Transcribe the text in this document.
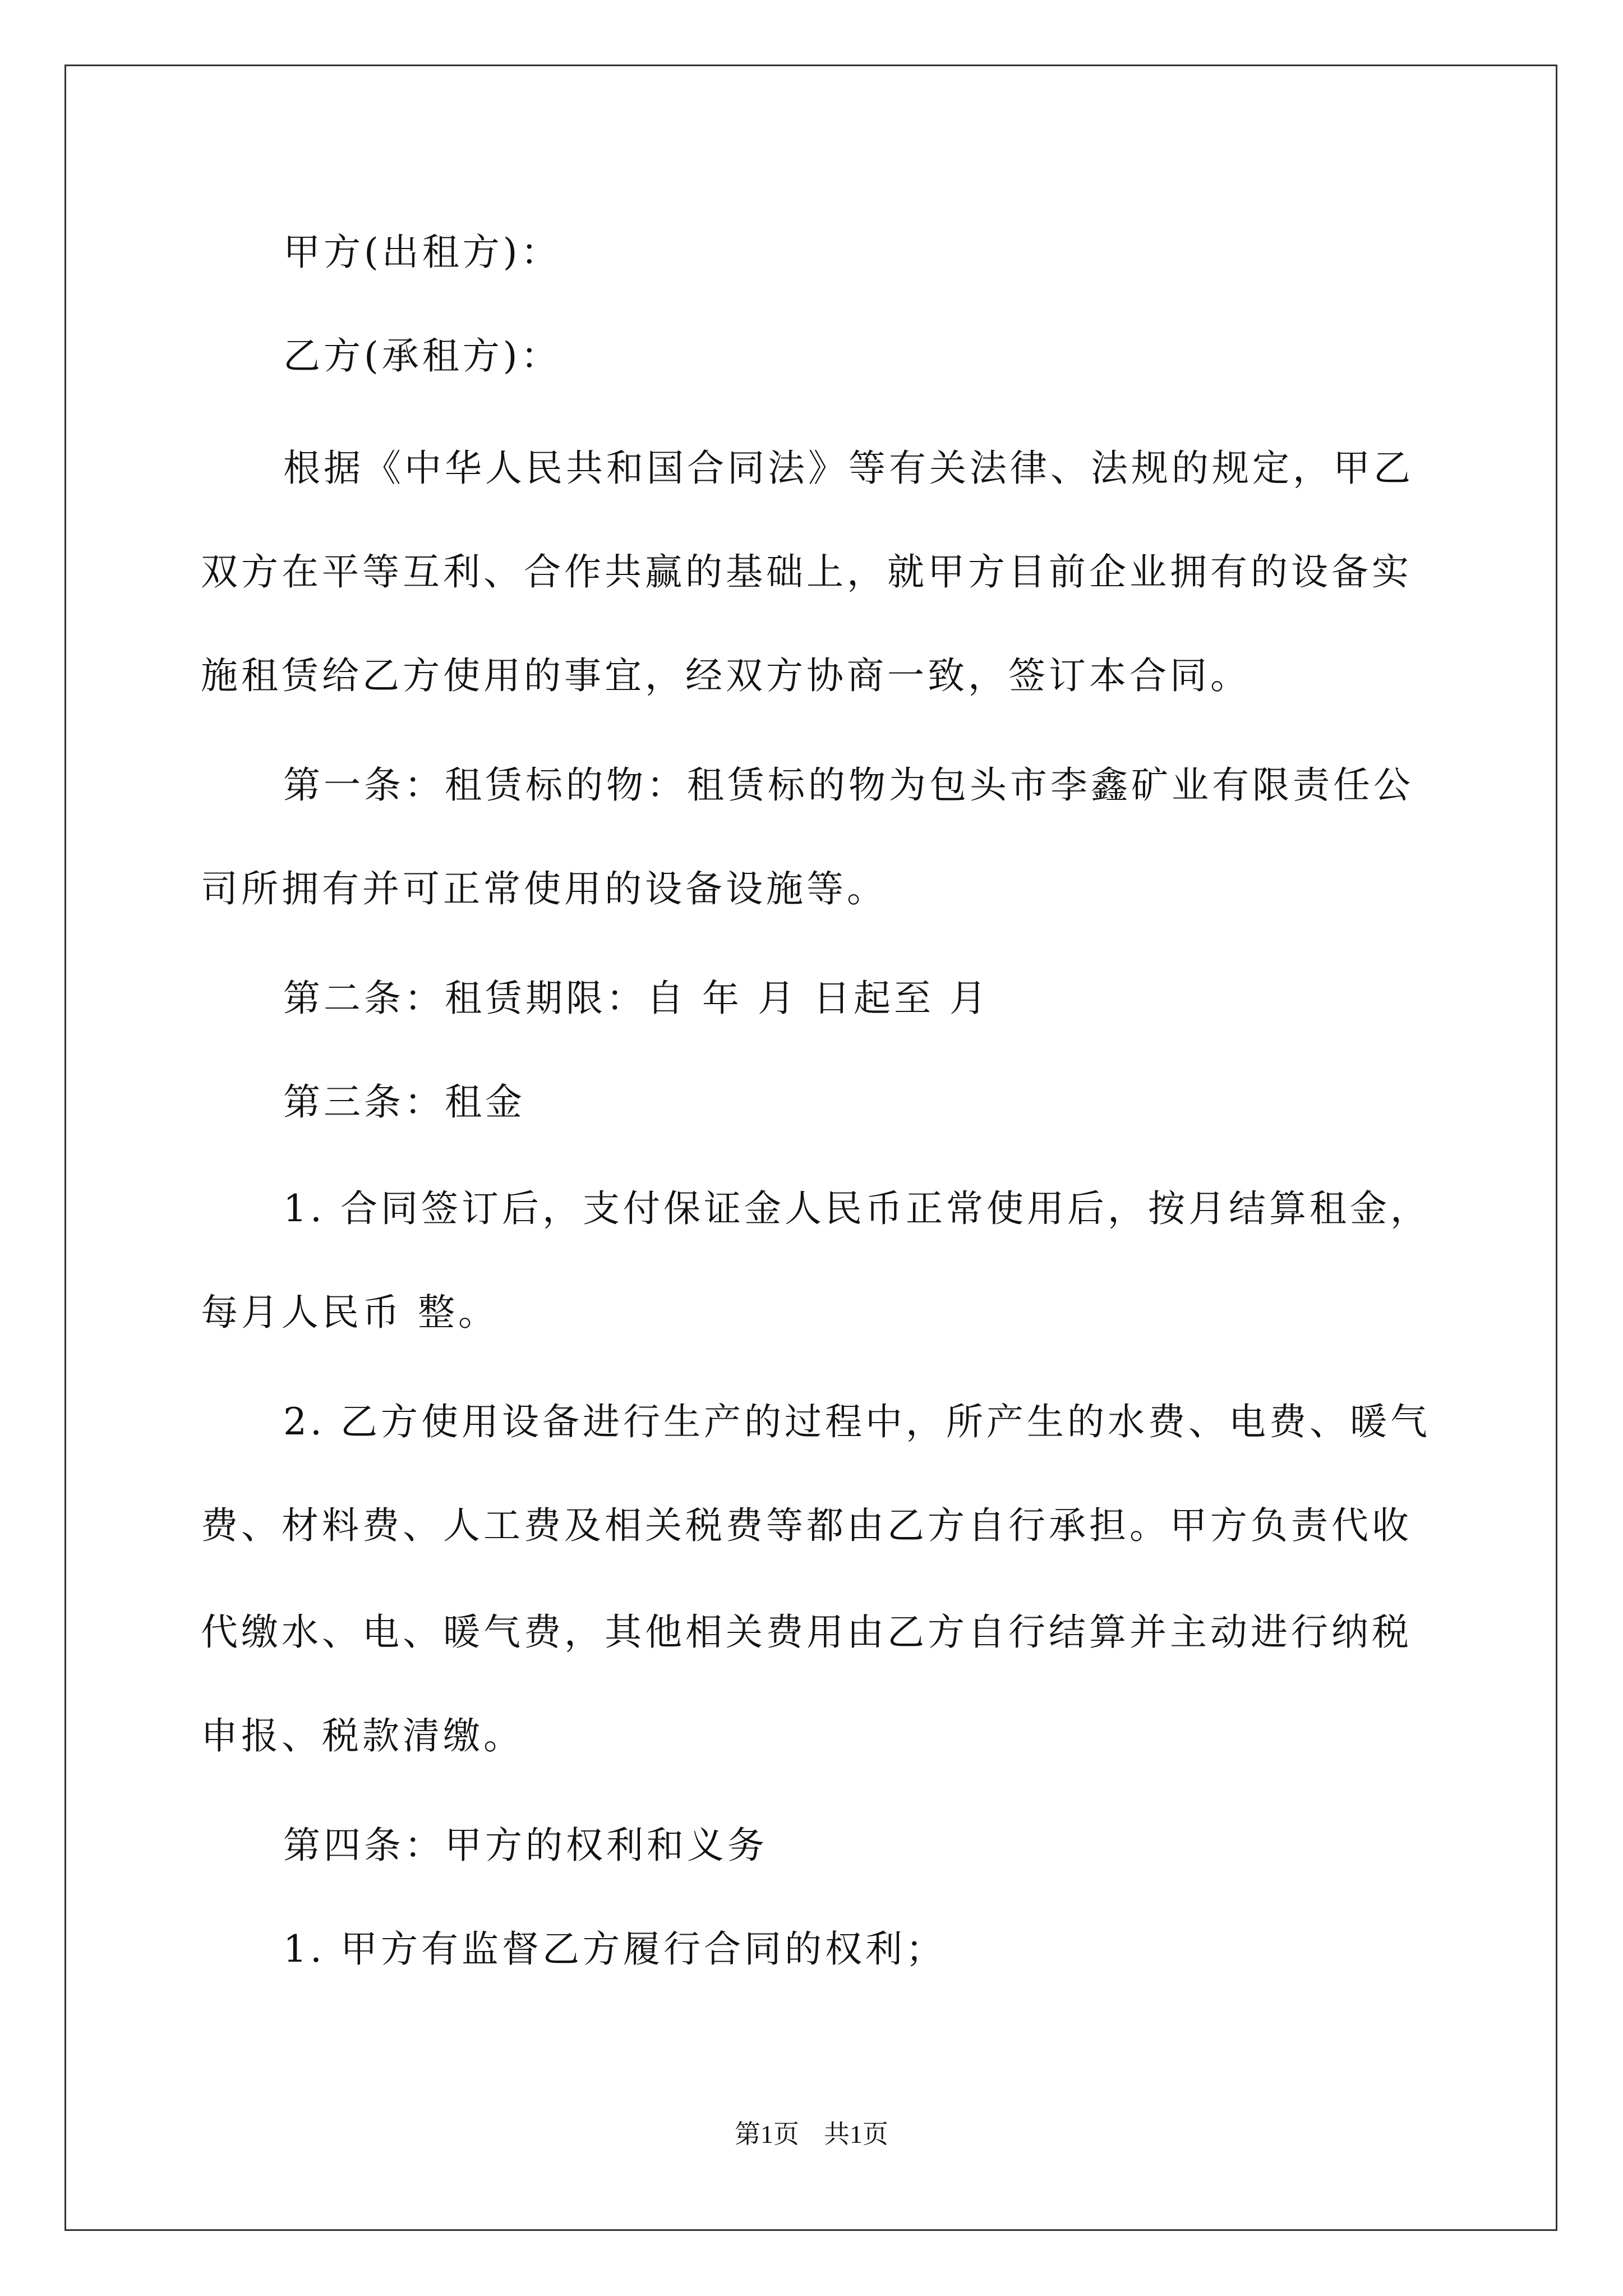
甲方(出租方)：
乙方(承租方)：
根据《中华人民共和国合同法》等有关法律、法规的规定，甲乙
双方在平等互利、合作共赢的基础上，就甲方目前企业拥有的设备实
施租赁给乙方使用的事宜，经双方协商一致，签订本合同。
第一条：租赁标的物：租赁标的物为包头市李鑫矿业有限责任公
司所拥有并可正常使用的设备设施等。
第二条：租赁期限：自 年 月 日起至 月
第三条：租金
1. 合同签订后，支付保证金人民币正常使用后，按月结算租金，
每月人民币 整。
2. 乙方使用设备进行生产的过程中，所产生的水费、电费、暖气
费、材料费、人工费及相关税费等都由乙方自行承担。甲方负责代收
代缴水、电、暖气费，其他相关费用由乙方自行结算并主动进行纳税
申报、税款清缴。
第四条：甲方的权利和义务
1. 甲方有监督乙方履行合同的权利；
第1页 共1页
